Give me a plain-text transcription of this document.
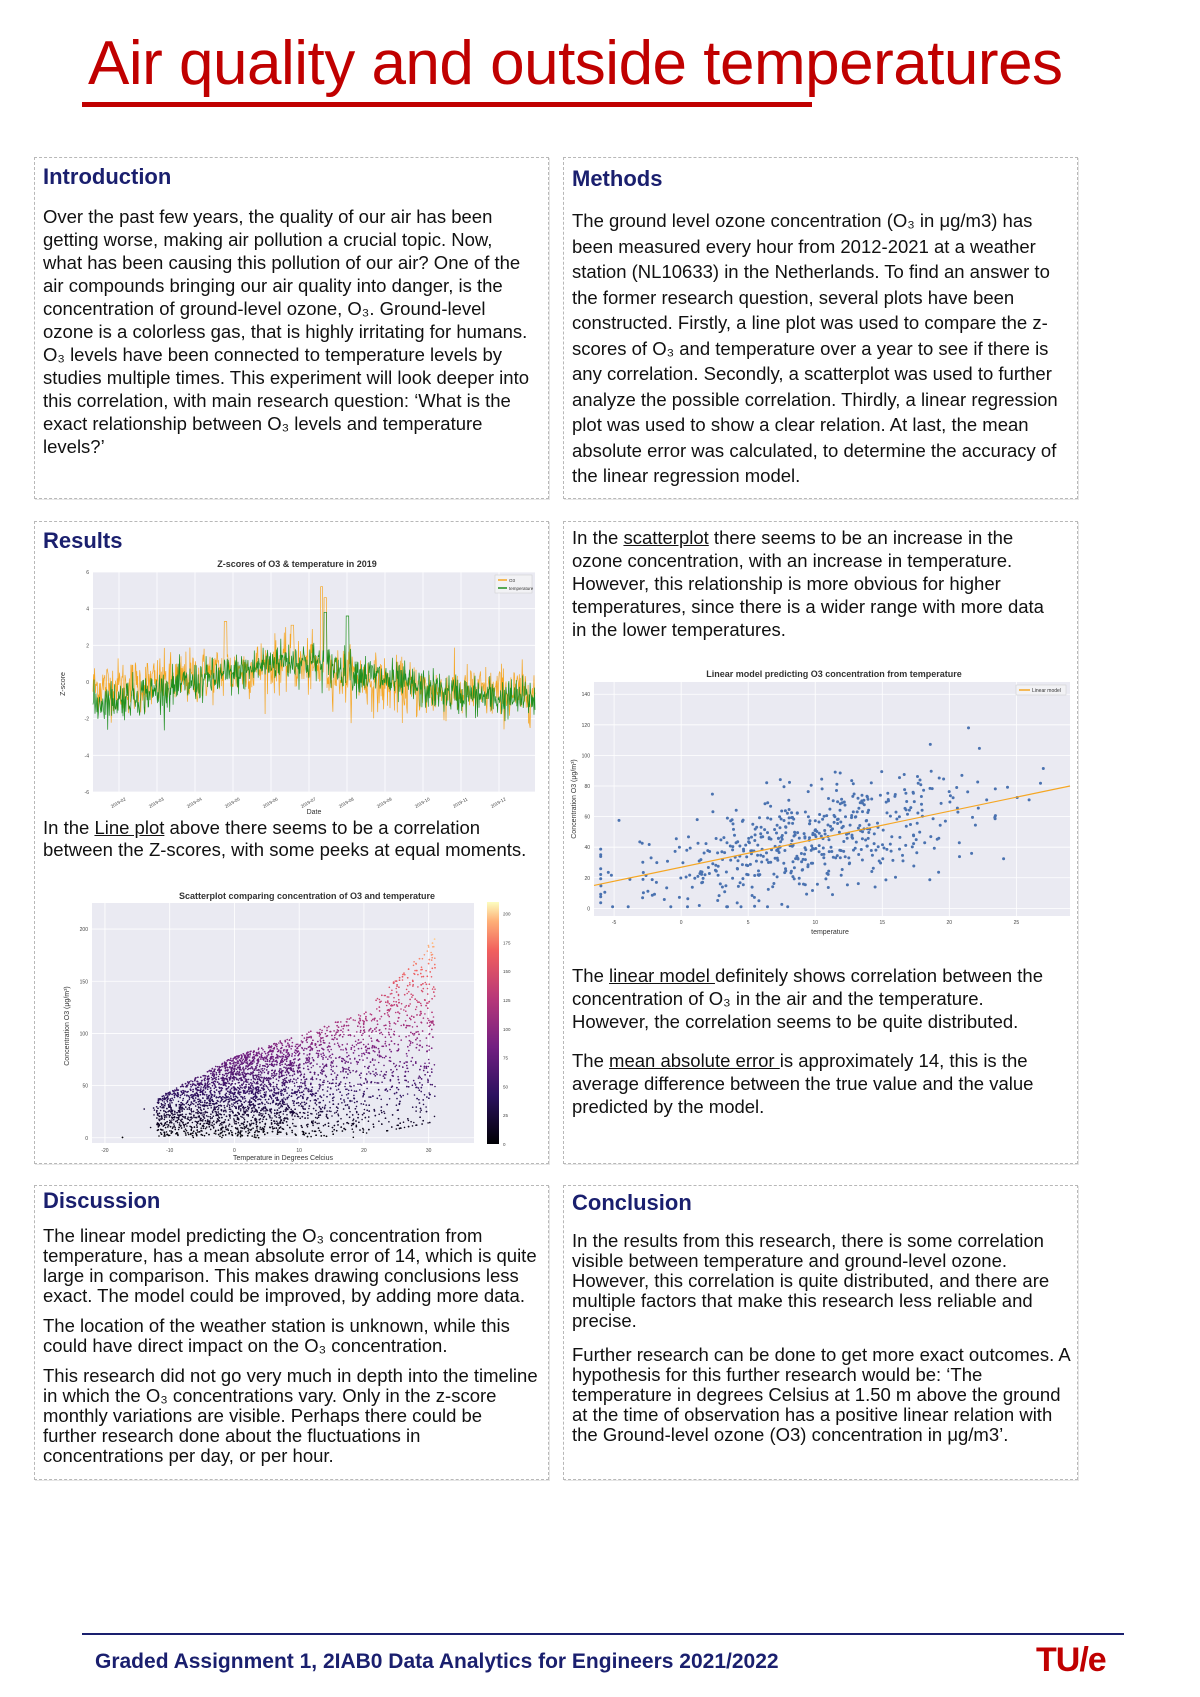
Air quality and outside temperatures
Introduction

Over the past few years, the quality of our air has been getting worse, making air pollution a crucial topic. Now, what has been causing this pollution of our air? One of the air compounds bringing our air quality into danger, is the concentration of ground-level ozone, O₃. Ground-level ozone is a colorless gas, that is highly irritating for humans. O₃ levels have been connected to temperature levels by studies multiple times. This experiment will look deeper into this correlation, with main research question: ‘What is the exact relationship between O₃ levels and temperature levels?’

Methods

The ground level ozone concentration (O₃ in μg/m3) has been measured every hour from 2012-2021 at a weather station (NL10633) in the Netherlands. To find an answer to the former research question, several plots have been constructed. Firstly, a line plot was used to compare the z-scores of O₃ and temperature over a year to see if there is any correlation. Secondly, a scatterplot was used to further analyze the possible correlation. Thirdly, a linear regression plot was used to show a clear relation. At last, the mean absolute error was calculated, to determine the accuracy of the linear regression model.

Results
Z-scores of O3 & temperature in 2019
-6
-4
-2
0
2
4
6
2019-02	2019-03	2019-04	2019-05	2019-06	2019-07	2019-08	2019-09	2019-10	2019-11	2019-12
Z-score
Date
O3
temperature

In the Line plot above there seems to be a correlation between the Z-scores, with some peeks at equal moments.

Scatterplot comparing concentration of O3 and temperature
0
50
100
150
200
-20	-10	0	10	20	30
Concentration O3 (μg/m³)
Temperature in Degrees Celcius
0
25
50
75
100
125
150
175
200

In the scatterplot there seems to be an increase in the ozone concentration, with an increase in temperature. However, this relationship is more obvious for higher temperatures, since there is a wider range with more data in the lower temperatures.

Linear model predicting O3 concentration from temperature
0
20
40
60
80
100
120
140
-5	0	5	10	15	20	25
Concentration O3 (μg/m³)
temperature
Linear model

The linear model definitely shows correlation between the concentration of O₃ in the air and the temperature. However, the correlation seems to be quite distributed.

The mean absolute error is approximately 14, this is the average difference between the true value and the value predicted by the model.

Discussion

The linear model predicting the O₃ concentration from temperature, has a mean absolute error of 14, which is quite large in comparison. This makes drawing conclusions less exact. The model could be improved, by adding more data.

The location of the weather station is unknown, while this could have direct impact on the O₃ concentration.

This research did not go very much in depth into the timeline in which the O₃ concentrations vary. Only in the z-score monthly variations are visible. Perhaps there could be further research done about the fluctuations in concentrations per day, or per hour.

Conclusion

In the results from this research, there is some correlation visible between temperature and ground-level ozone. However, this correlation is quite distributed, and there are multiple factors that make this research less reliable and precise.

Further research can be done to get more exact outcomes. A hypothesis for this further research would be: ‘The temperature in degrees Celsius at 1.50 m above the ground at the time of observation has a positive linear relation with the Ground-level ozone (O3) concentration in μg/m3’.

Graded Assignment 1, 2IAB0 Data Analytics for Engineers 2021/2022	TU/e
